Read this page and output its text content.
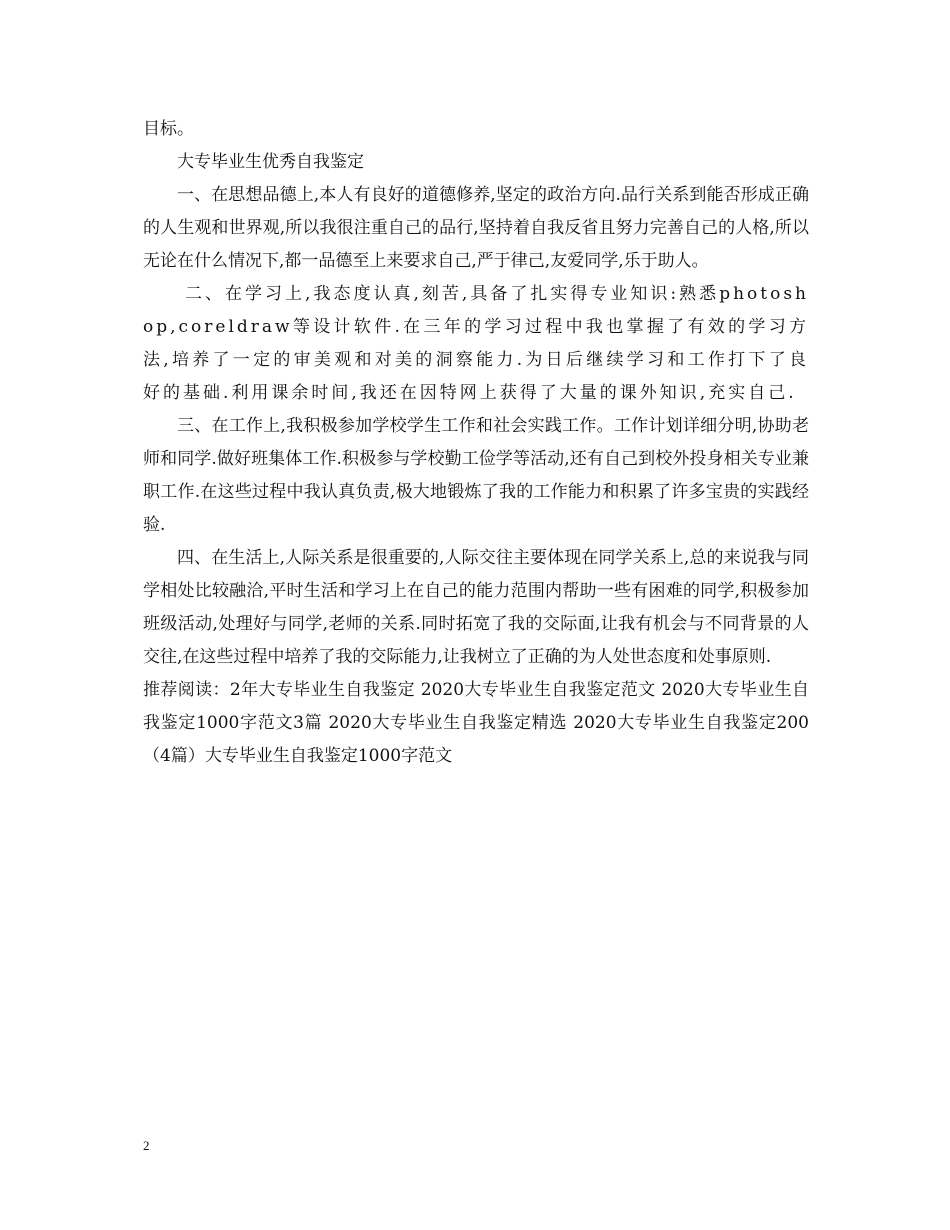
目标。

大专毕业生优秀自我鉴定

一、在思想品德上,本人有良好的道德修养,坚定的政治方向.品行关系到能否形成正确的人生观和世界观,所以我很注重自己的品行,坚持着自我反省且努力完善自己的人格,所以无论在什么情况下,都一品德至上来要求自己,严于律己,友爱同学,乐于助人。

二、在学习上,我态度认真,刻苦,具备了扎实得专业知识:熟悉photoshop,coreldraw等设计软件.在三年的学习过程中我也掌握了有效的学习方法,培养了一定的审美观和对美的洞察能力.为日后继续学习和工作打下了良好的基础.利用课余时间,我还在因特网上获得了大量的课外知识,充实自己.

三、在工作上,我积极参加学校学生工作和社会实践工作。工作计划详细分明,协助老师和同学.做好班集体工作.积极参与学校勤工俭学等活动,还有自己到校外投身相关专业兼职工作.在这些过程中我认真负责,极大地锻炼了我的工作能力和积累了许多宝贵的实践经验.

四、在生活上,人际关系是很重要的,人际交往主要体现在同学关系上,总的来说我与同学相处比较融洽,平时生活和学习上在自己的能力范围内帮助一些有困难的同学,积极参加班级活动,处理好与同学,老师的关系.同时拓宽了我的交际面,让我有机会与不同背景的人交往,在这些过程中培养了我的交际能力,让我树立了正确的为人处世态度和处事原则.

推荐阅读：2年大专毕业生自我鉴定 2020大专毕业生自我鉴定范文 2020大专毕业生自我鉴定1000字范文3篇 2020大专毕业生自我鉴定精选 2020大专毕业生自我鉴定200（4篇）大专毕业生自我鉴定1000字范文

2
